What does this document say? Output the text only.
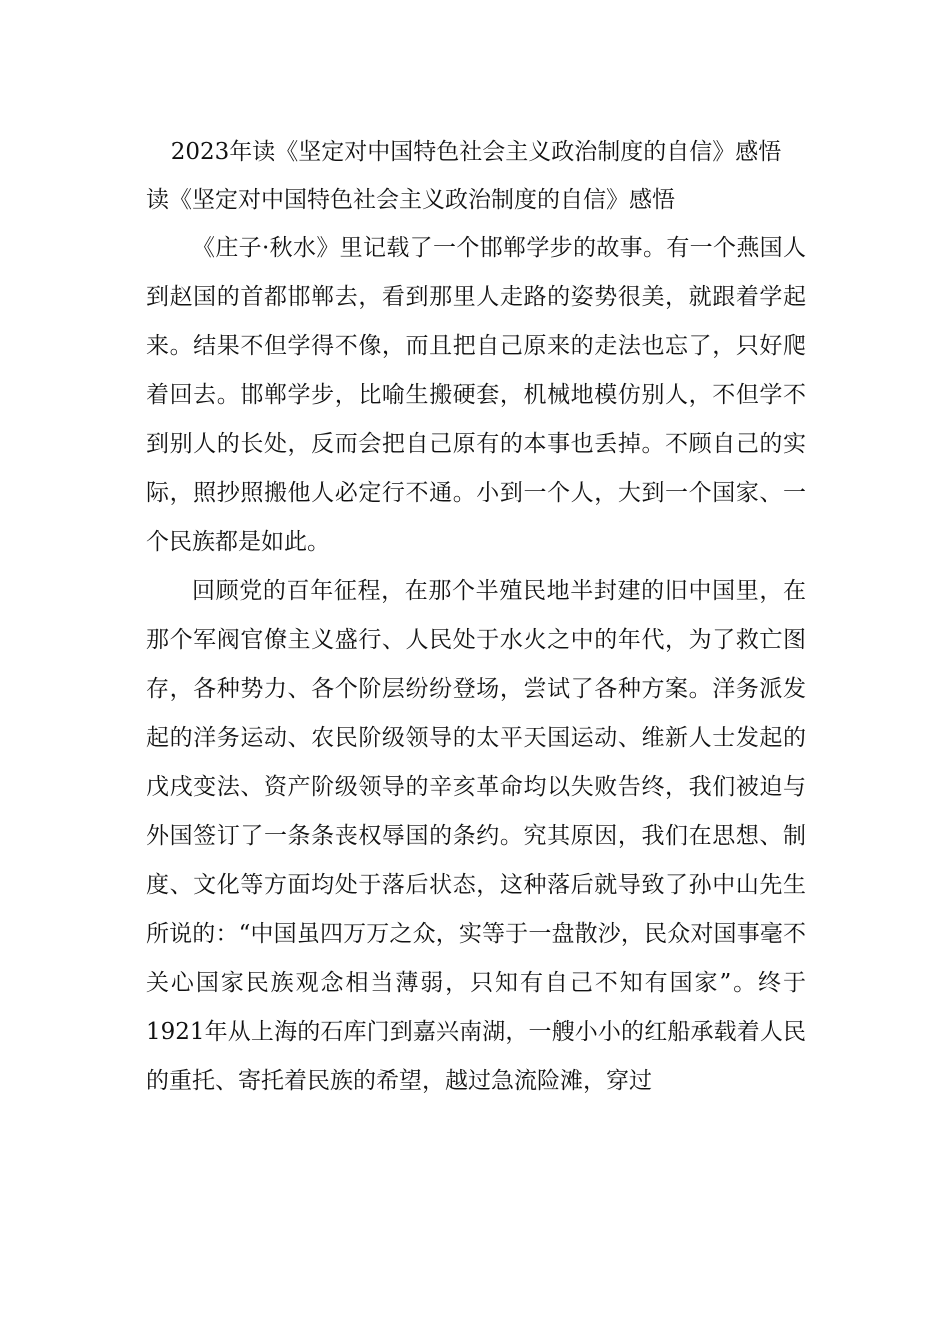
2023年读《坚定对中国特色社会主义政治制度的自信》感悟

读《坚定对中国特色社会主义政治制度的自信》感悟

《庄子·秋水》里记载了一个邯郸学步的故事。有一个燕国人到赵国的首都邯郸去，看到那里人走路的姿势很美，就跟着学起来。结果不但学得不像，而且把自己原来的走法也忘了，只好爬着回去。邯郸学步，比喻生搬硬套，机械地模仿别人，不但学不到别人的长处，反而会把自己原有的本事也丢掉。不顾自己的实际，照抄照搬他人必定行不通。小到一个人，大到一个国家、一个民族都是如此。

回顾党的百年征程，在那个半殖民地半封建的旧中国里，在那个军阀官僚主义盛行、人民处于水火之中的年代，为了救亡图存，各种势力、各个阶层纷纷登场，尝试了各种方案。洋务派发起的洋务运动、农民阶级领导的太平天国运动、维新人士发起的戊戌变法、资产阶级领导的辛亥革命均以失败告终，我们被迫与外国签订了一条条丧权辱国的条约。究其原因，我们在思想、制度、文化等方面均处于落后状态，这种落后就导致了孙中山先生所说的：“中国虽四万万之众，实等于一盘散沙，民众对国事毫不关心国家民族观念相当薄弱，只知有自己不知有国家”。终于1921年从上海的石库门到嘉兴南湖，一艘小小的红船承载着人民的重托、寄托着民族的希望，越过急流险滩，穿过
